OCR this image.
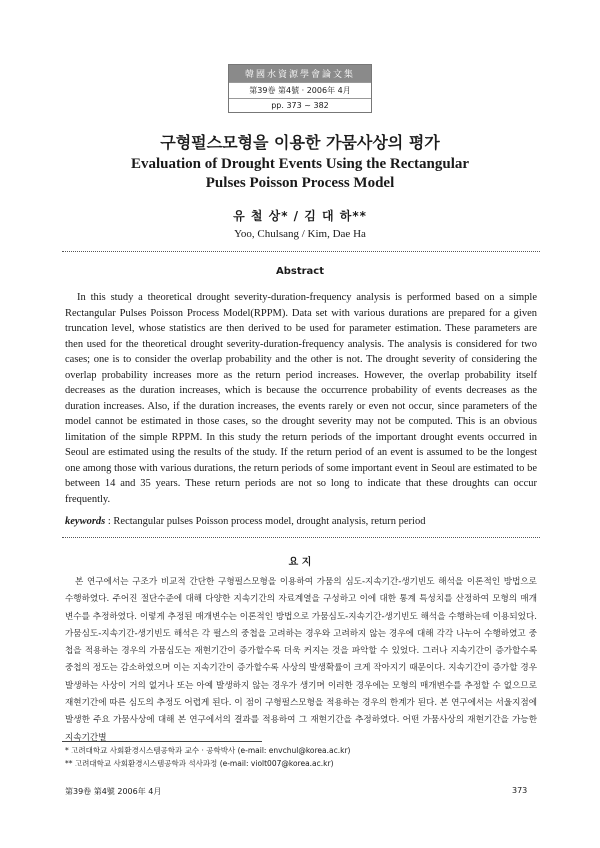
韓國水資源學會論文集
第39卷 第4號 · 2006年 4月
pp. 373 ~ 382
구형펄스모형을 이용한 가뭄사상의 평가
Evaluation of Drought Events Using the Rectangular
Pulses Poisson Process Model
유 철 상* / 김 대 하**
Yoo, Chulsang / Kim, Dae Ha
Abstract

In this study a theoretical drought severity-duration-frequency analysis is performed based on a simple Rectangular Pulses Poisson Process Model(RPPM). Data set with various durations are prepared for a given truncation level, whose statistics are then derived to be used for parameter estimation. These parameters are then used for the theoretical drought severity-duration-frequency analysis. The analysis is considered for two cases; one is to consider the overlap probability and the other is not. The drought severity of considering the overlap probability increases more as the return period increases. However, the overlap probability itself decreases as the duration increases, which is because the occurrence probability of events decreases as the duration increases. Also, if the duration increases, the events rarely or even not occur, since parameters of the model cannot be estimated in those cases, so the drought severity may not be computed. This is an obvious limitation of the simple RPPM. In this study the return periods of the important drought events occurred in Seoul are estimated using the results of the study. If the return period of an event is assumed to be the longest one among those with various durations, the return periods of some important event in Seoul are estimated to be between 14 and 35 years. These return periods are not so long to indicate that these droughts can occur frequently.

keywords : Rectangular pulses Poisson process model, drought analysis, return period
요 지

본 연구에서는 구조가 비교적 간단한 구형펄스모형을 이용하여 가뭄의 심도-지속기간-생기빈도 해석을 이론적인 방법으로 수행하였다. 주어진 절단수준에 대해 다양한 지속기간의 자료계열을 구성하고 이에 대한 통계 특성치를 산정하여 모형의 매개변수를 추정하였다. 이렇게 추정된 매개변수는 이론적인 방법으로 가뭄심도-지속기간-생기빈도 해석을 수행하는데 이용되었다. 가뭄심도-지속기간-생기빈도 해석은 각 펄스의 중첩을 고려하는 경우와 고려하지 않는 경우에 대해 각각 나누어 수행하였고 중첩을 적용하는 경우의 가뭄심도는 재현기간이 증가할수록 더욱 커지는 것을 파악할 수 있었다. 그러나 지속기간이 증가할수록 중첩의 정도는 감소하였으며 이는 지속기간이 증가할수록 사상의 발생확률이 크게 작아지기 때문이다. 지속기간이 증가할 경우 발생하는 사상이 거의 없거나 또는 아예 발생하지 않는 경우가 생기며 이러한 경우에는 모형의 매개변수를 추정할 수 없으므로 재현기간에 따른 심도의 추정도 어렵게 된다. 이 점이 구형펄스모형을 적용하는 경우의 한계가 된다. 본 연구에서는 서울지점에 발생한 주요 가뭄사상에 대해 본 연구에서의 결과를 적용하여 그 재현기간을 추정하였다. 어떤 가뭄사상의 재현기간을 가능한 지속기간별

* 고려대학교 사회환경시스템공학과 교수 · 공학박사 (e-mail: envchul@korea.ac.kr)
** 고려대학교 사회환경시스템공학과 석사과정 (e-mail: violt007@korea.ac.kr)
第39卷 第4號 2006年 4月	373
